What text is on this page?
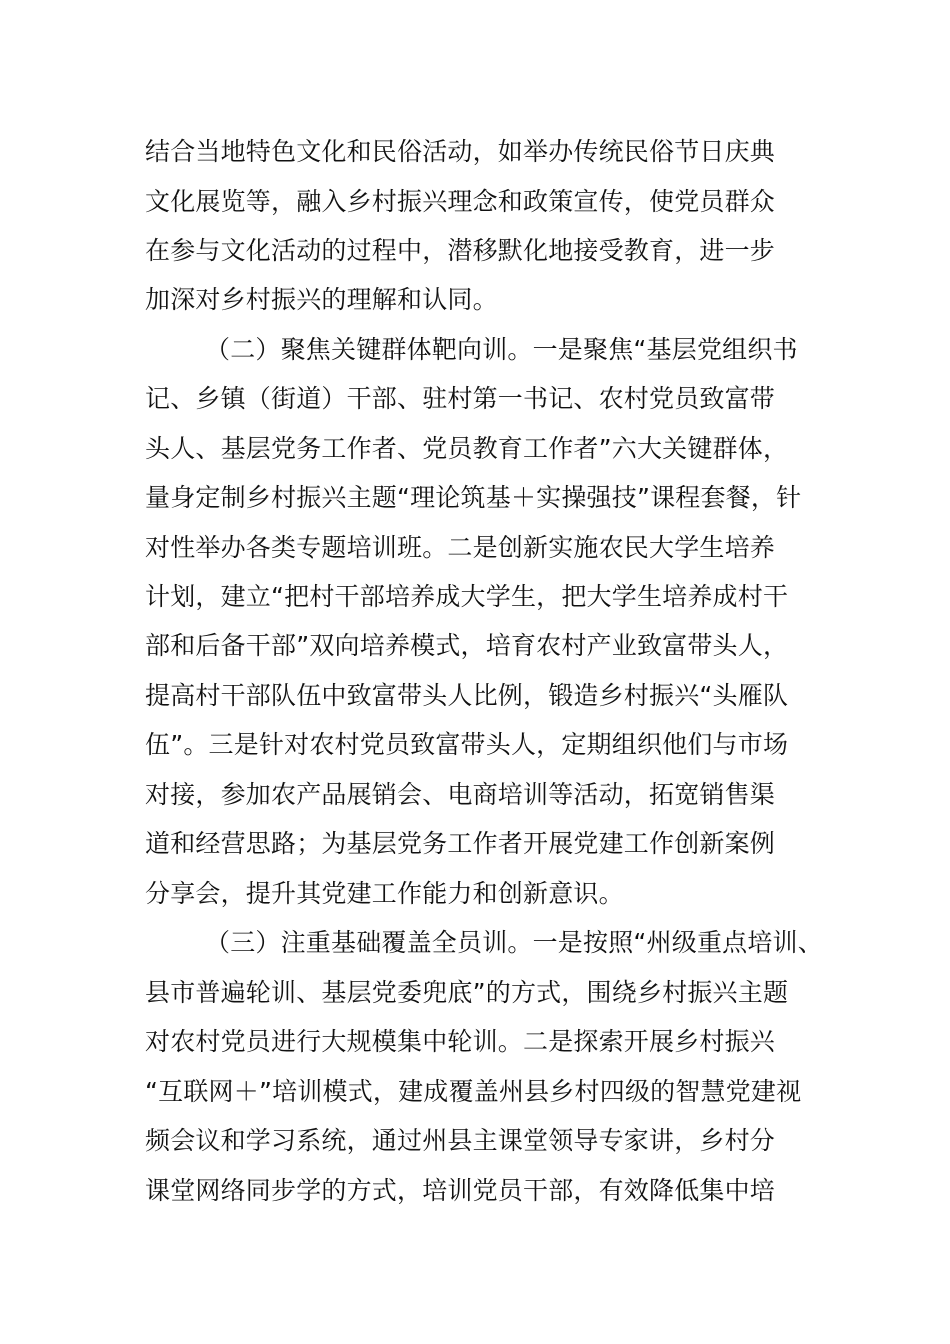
结合当地特色文化和民俗活动，如举办传统民俗节日庆典
文化展览等，融入乡村振兴理念和政策宣传，使党员群众
在参与文化活动的过程中，潜移默化地接受教育，进一步
加深对乡村振兴的理解和认同。
（二）聚焦关键群体靶向训。一是聚焦“基层党组织书
记、乡镇（街道）干部、驻村第一书记、农村党员致富带
头人、基层党务工作者、党员教育工作者”六大关键群体，
量身定制乡村振兴主题“理论筑基＋实操强技”课程套餐，针
对性举办各类专题培训班。二是创新实施农民大学生培养
计划，建立“把村干部培养成大学生，把大学生培养成村干
部和后备干部”双向培养模式，培育农村产业致富带头人，
提高村干部队伍中致富带头人比例，锻造乡村振兴“头雁队
伍”。三是针对农村党员致富带头人，定期组织他们与市场
对接，参加农产品展销会、电商培训等活动，拓宽销售渠
道和经营思路；为基层党务工作者开展党建工作创新案例
分享会，提升其党建工作能力和创新意识。
（三）注重基础覆盖全员训。一是按照“州级重点培训、
县市普遍轮训、基层党委兜底”的方式，围绕乡村振兴主题
对农村党员进行大规模集中轮训。二是探索开展乡村振兴
“互联网＋”培训模式，建成覆盖州县乡村四级的智慧党建视
频会议和学习系统，通过州县主课堂领导专家讲，乡村分
课堂网络同步学的方式，培训党员干部，有效降低集中培
